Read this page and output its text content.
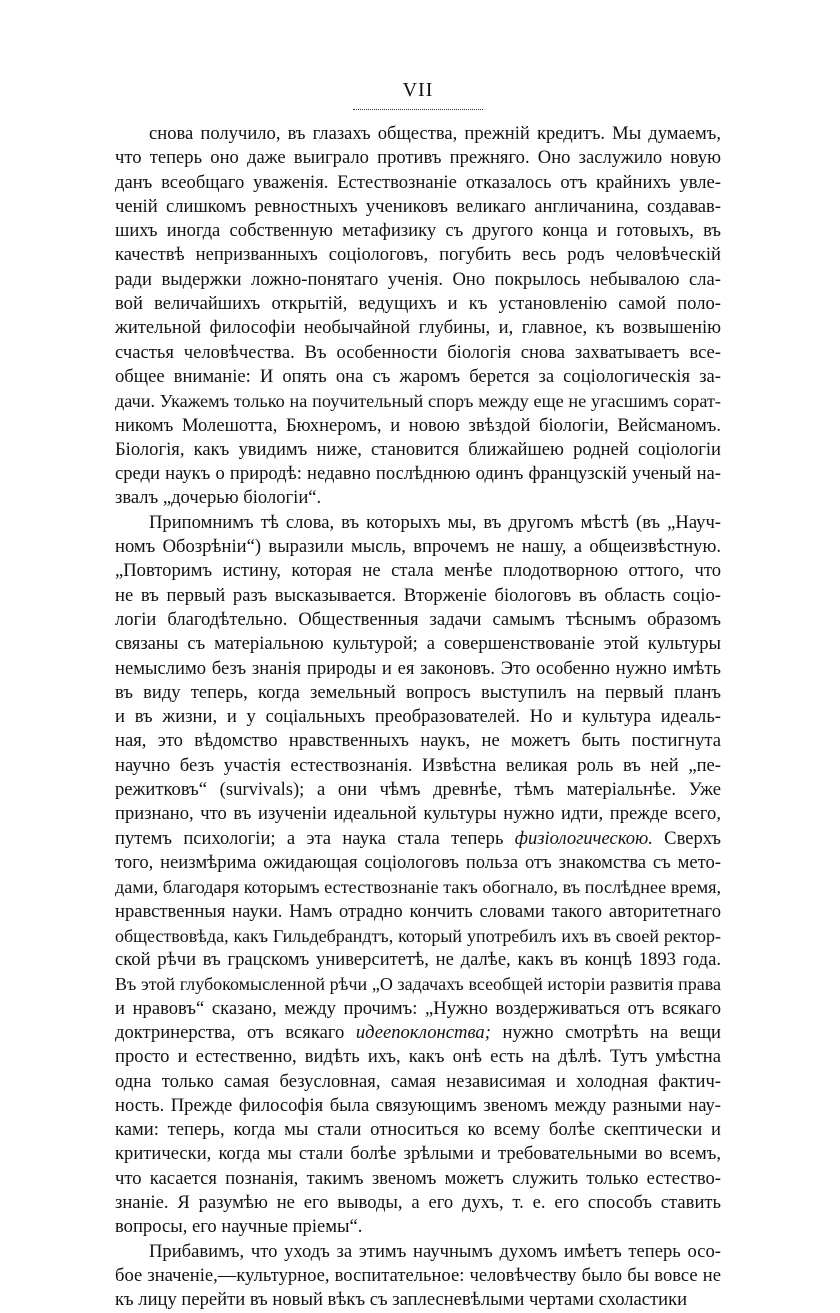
VII
снова получило, въ глазахъ общества, прежній кредитъ. Мы думаемъ,
что теперь оно даже выиграло противъ прежняго. Оно заслужило новую
данъ всеобщаго уваженія. Естествознаніе отказалось отъ крайнихъ увле-
ченій слишкомъ ревностныхъ учениковъ великаго англичанина, создавав-
шихъ иногда собственную метафизику съ другого конца и готовыхъ, въ
качествѣ непризванныхъ соціологовъ, погубить весь родъ человѣческій
ради выдержки ложно-понятаго ученія. Оно покрылось небывалою сла-
вой величайшихъ открытій, ведущихъ и къ установленію самой поло-
жительной философіи необычайной глубины, и, главное, къ возвышенію
счастья человѣчества. Въ особенности біологія снова захватываетъ все-
общее вниманіе: И опять она съ жаромъ берется за соціологическія за-
дачи. Укажемъ только на поучительный споръ между еще не угасшимъ сорат-
никомъ Молешотта, Бюхнеромъ, и новою звѣздой біологіи, Вейсманомъ.
Біологія, какъ увидимъ ниже, становится ближайшею родней соціологіи
среди наукъ о природѣ: недавно послѣднюю одинъ французскій ученый на-
звалъ „дочерью біологіи“.
Припомнимъ тѣ слова, въ которыхъ мы, въ другомъ мѣстѣ (въ „Науч-
номъ Обозрѣніи“) выразили мысль, впрочемъ не нашу, а общеизвѣстную.
„Повторимъ истину, которая не стала менѣе плодотворною оттого, что
не въ первый разъ высказывается. Вторженіе біологовъ въ область соціо-
логіи благодѣтельно. Общественныя задачи самымъ тѣснымъ образомъ
связаны съ матеріальною культурой; а совершенствованіе этой культуры
немыслимо безъ знанія природы и ея законовъ. Это особенно нужно имѣть
въ виду теперь, когда земельный вопросъ выступилъ на первый планъ
и въ жизни, и у соціальныхъ преобразователей. Но и культура идеаль-
ная, это вѣдомство нравственныхъ наукъ, не можетъ быть постигнута
научно безъ участія естествознанія. Извѣстна великая роль въ ней „пе-
режитковъ“ (survivals); а они чѣмъ древнѣе, тѣмъ матеріальнѣе. Уже
признано, что въ изученіи идеальной культуры нужно идти, прежде всего,
путемъ психологіи; а эта наука стала теперь физіологическою. Сверхъ
того, неизмѣрима ожидающая соціологовъ польза отъ знакомства съ мето-
дами, благодаря которымъ естествознаніе такъ обогнало, въ послѣднее время,
нравственныя науки. Намъ отрадно кончить словами такого авторитетнаго
обществовѣда, какъ Гильдебрандтъ, который употребилъ ихъ въ своей ректор-
ской рѣчи въ грацскомъ университетѣ, не далѣе, какъ въ концѣ 1893 года.
Въ этой глубокомысленной рѣчи „О задачахъ всеобщей исторіи развитія права
и нравовъ“ сказано, между прочимъ: „Нужно воздерживаться отъ всякаго
доктринерства, отъ всякаго идеепоклонства; нужно смотрѣть на вещи
просто и естественно, видѣть ихъ, какъ онѣ есть на дѣлѣ. Тутъ умѣстна
одна только самая безусловная, самая независимая и холодная фактич-
ность. Прежде философія была связующимъ звеномъ между разными нау-
ками: теперь, когда мы стали относиться ко всему болѣе скептически и
критически, когда мы стали болѣе зрѣлыми и требовательными во всемъ,
что касается познанія, такимъ звеномъ можетъ служить только естество-
знаніе. Я разумѣю не его выводы, а его духъ, т. е. его способъ ставить
вопросы, его научные пріемы“.
Прибавимъ, что уходъ за этимъ научнымъ духомъ имѣетъ теперь осо-
бое значеніе,—культурное, воспитательное: человѣчеству было бы вовсе не
къ лицу перейти въ новый вѣкъ съ заплесневѣлыми чертами схоластики
